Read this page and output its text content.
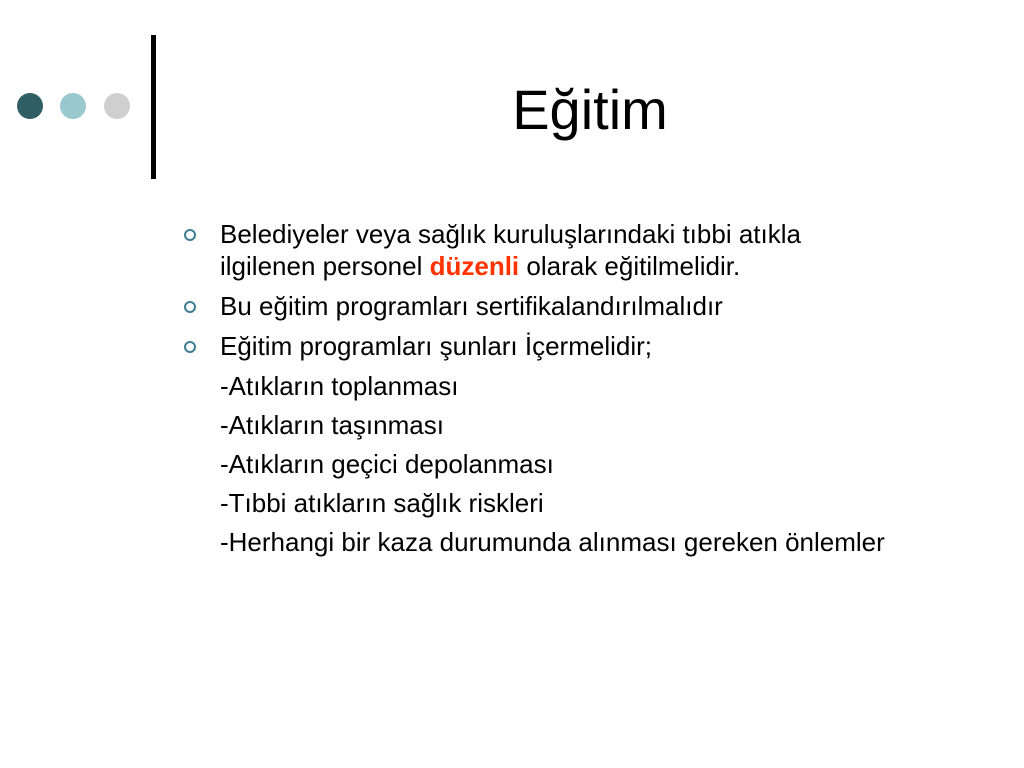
Eğitim
Belediyeler veya sağlık kuruluşlarındaki tıbbi atıkla ilgilenen personel düzenli olarak eğitilmelidir.
Bu eğitim programları sertifikalandırılmalıdır
Eğitim programları şunları İçermelidir;
-Atıkların toplanması
-Atıkların taşınması
-Atıkların geçici depolanması
-Tıbbi atıkların sağlık riskleri
-Herhangi bir kaza durumunda alınması gereken önlemler
